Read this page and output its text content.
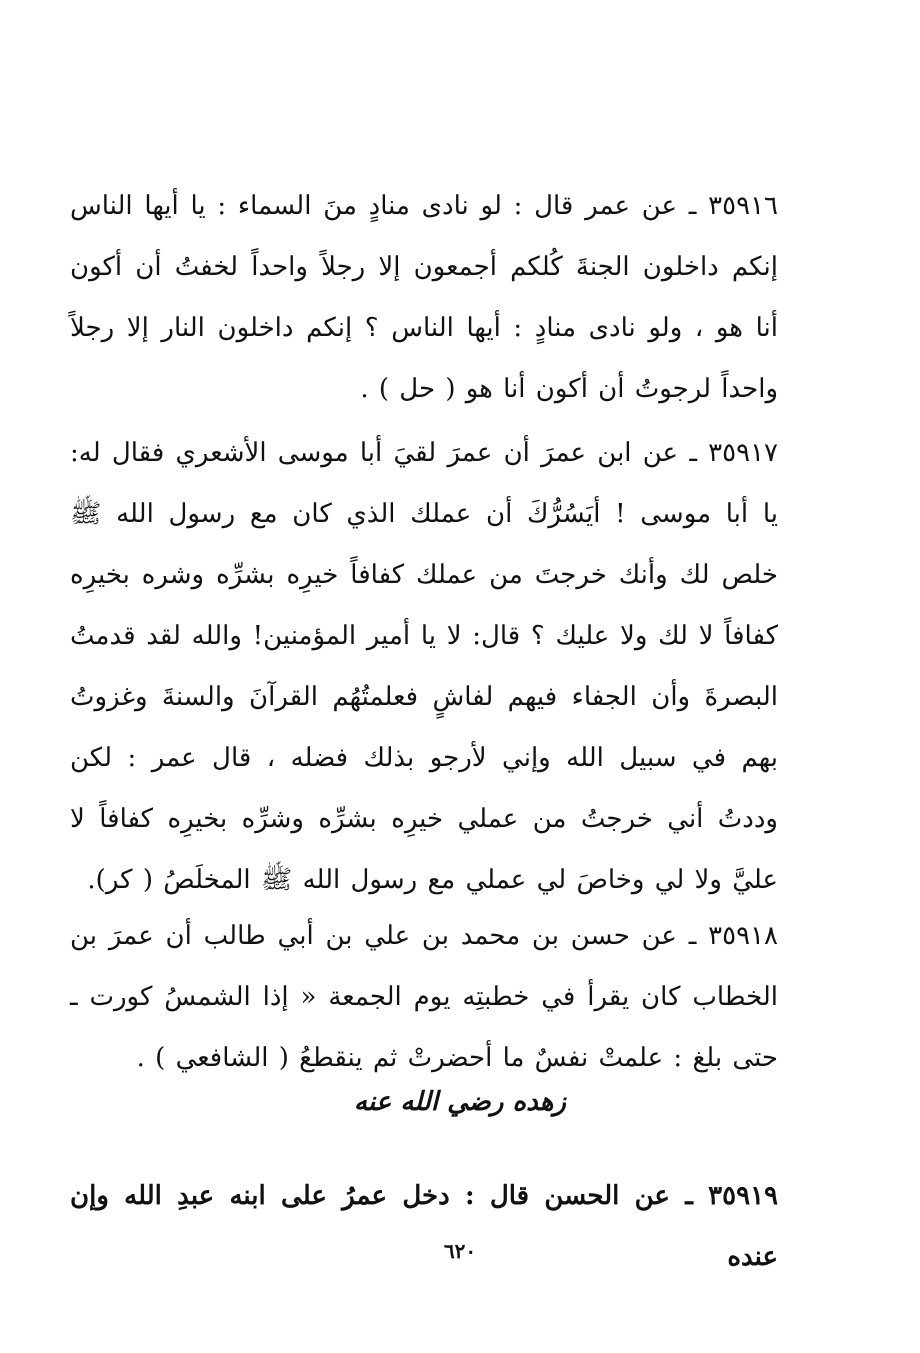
٣٥٩١٦ ـ عن عمر قال : لو نادى منادٍ منَ السماء : يا أيها الناس إنكم داخلون الجنةَ كُلكم أجمعون إلا رجلاً واحداً لخفتُ أن أكون أنا هو ، ولو نادى منادٍ : أيها الناس ؟ إنكم داخلون النار إلا رجلاً واحداً لرجوتُ أن أكون أنا هو ( حل ) .

٣٥٩١٧ ـ عن ابن عمرَ أن عمرَ لقيَ أبا موسى الأشعري فقال له: يا أبا موسى ! أيَسُرُّكَ أن عملك الذي كان مع رسول الله ﷺ خلص لك وأنك خرجتَ من عملك كفافاً خيرِه بشرِّه وشره بخيرِه كفافاً لا لك ولا عليك ؟ قال: لا يا أمير المؤمنين! والله لقد قدمتُ البصرةَ وأن الجفاء فيهم لفاشٍ فعلمتُهُم القرآنَ والسنةَ وغزوتُ بهم في سبيل الله وإني لأرجو بذلك فضله ، قال عمر : لكن وددتُ أني خرجتُ من عملي خيرِه بشرِّه وشرِّه بخيرِه كفافاً لا عليَّ ولا لي وخاصَ لي عملي مع رسول الله ﷺ المخلَصُ ( كر).

٣٥٩١٨ ـ عن حسن بن محمد بن علي بن أبي طالب أن عمرَ بن الخطاب كان يقرأ في خطبتِه يوم الجمعة « إذا الشمسُ كورت ـ حتى بلغ : علمتْ نفسٌ ما أحضرتْ ثم ينقطعُ ( الشافعي ) .

زهده رضي الله عنه

٣٥٩١٩ ـ عن الحسن قال : دخل عمرُ على ابنه عبدِ الله وإن عنده

٦٢٠
